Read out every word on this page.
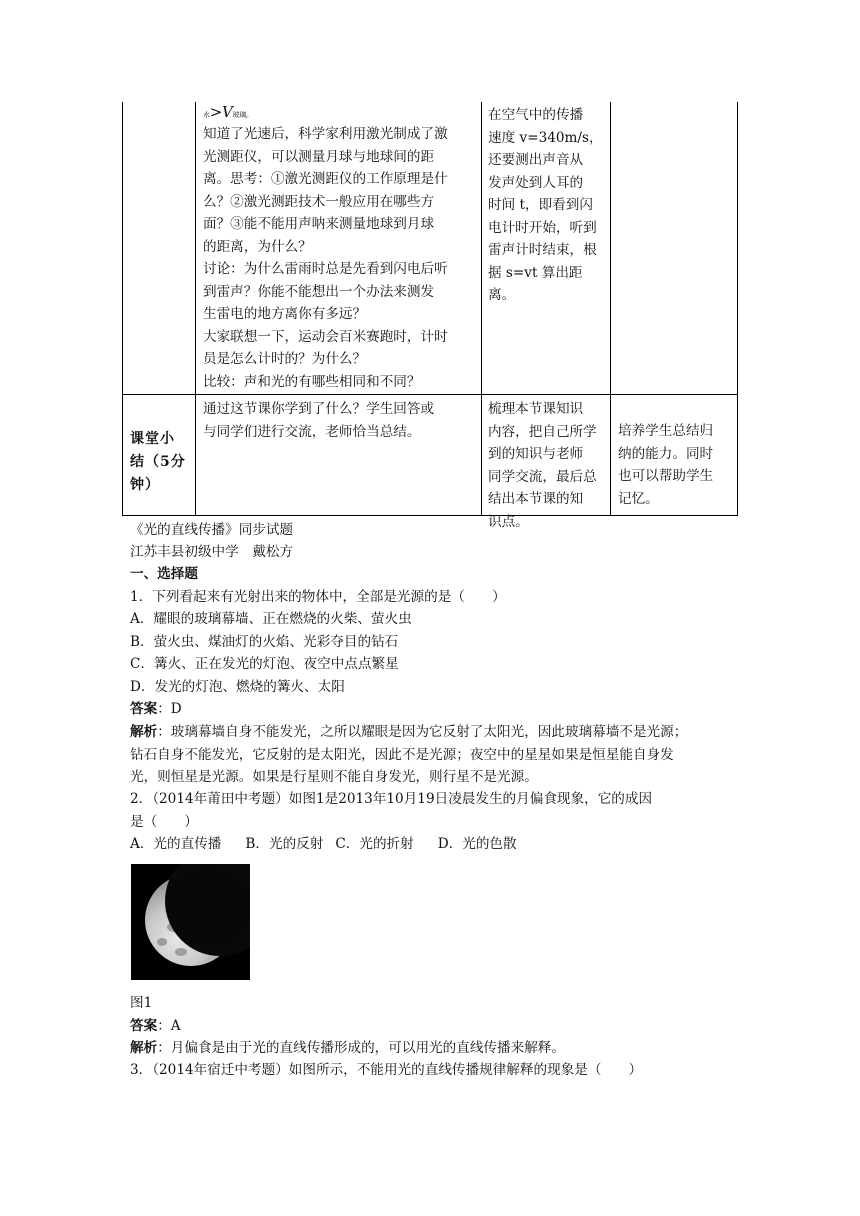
水>V玻璃。
知道了光速后，科学家利用激光制成了激
光测距仪，可以测量月球与地球间的距
离。思考：①激光测距仪的工作原理是什
么？②激光测距技术一般应用在哪些方
面？③能不能用声呐来测量地球到月球
的距离，为什么？
讨论：为什么雷雨时总是先看到闪电后听
到雷声？你能不能想出一个办法来测发
生雷电的地方离你有多远？
大家联想一下，运动会百米赛跑时，计时
员是怎么计时的？为什么？
比较：声和光的有哪些相同和不同？
在空气中的传播
速度 v=340m/s，
还要测出声音从
发声处到人耳的
时间 t，即看到闪
电计时开始，听到
雷声计时结束，根
据 s=vt 算出距
离。
课堂小
结（5分
钟）
通过这节课你学到了什么？学生回答或
与同学们进行交流，老师恰当总结。
梳理本节课知识
内容，把自己所学
到的知识与老师
同学交流，最后总
结出本节课的知
识点。
培养学生总结归
纳的能力。同时
也可以帮助学生
记忆。
《光的直线传播》同步试题
江苏丰县初级中学　戴松方
一、选择题
1．下列看起来有光射出来的物体中，全部是光源的是（　　）
A．耀眼的玻璃幕墙、正在燃烧的火柴、萤火虫
B．萤火虫、煤油灯的火焰、光彩夺目的钻石
C．篝火、正在发光的灯泡、夜空中点点繁星
D．发光的灯泡、燃烧的篝火、太阳
答案：D
解析：玻璃幕墙自身不能发光，之所以耀眼是因为它反射了太阳光，因此玻璃幕墙不是光源；
钻石自身不能发光，它反射的是太阳光，因此不是光源；夜空中的星星如果是恒星能自身发
光，则恒星是光源。如果是行星则不能自身发光，则行星不是光源。
2．（2014年莆田中考题）如图1是2013年10月19日凌晨发生的月偏食现象，它的成因
是（　　）
A．光的直传播 B．光的反射 C．光的折射 D．光的色散
图1
答案：A
解析：月偏食是由于光的直线传播形成的，可以用光的直线传播来解释。
3．（2014年宿迁中考题）如图所示，不能用光的直线传播规律解释的现象是（　　）
